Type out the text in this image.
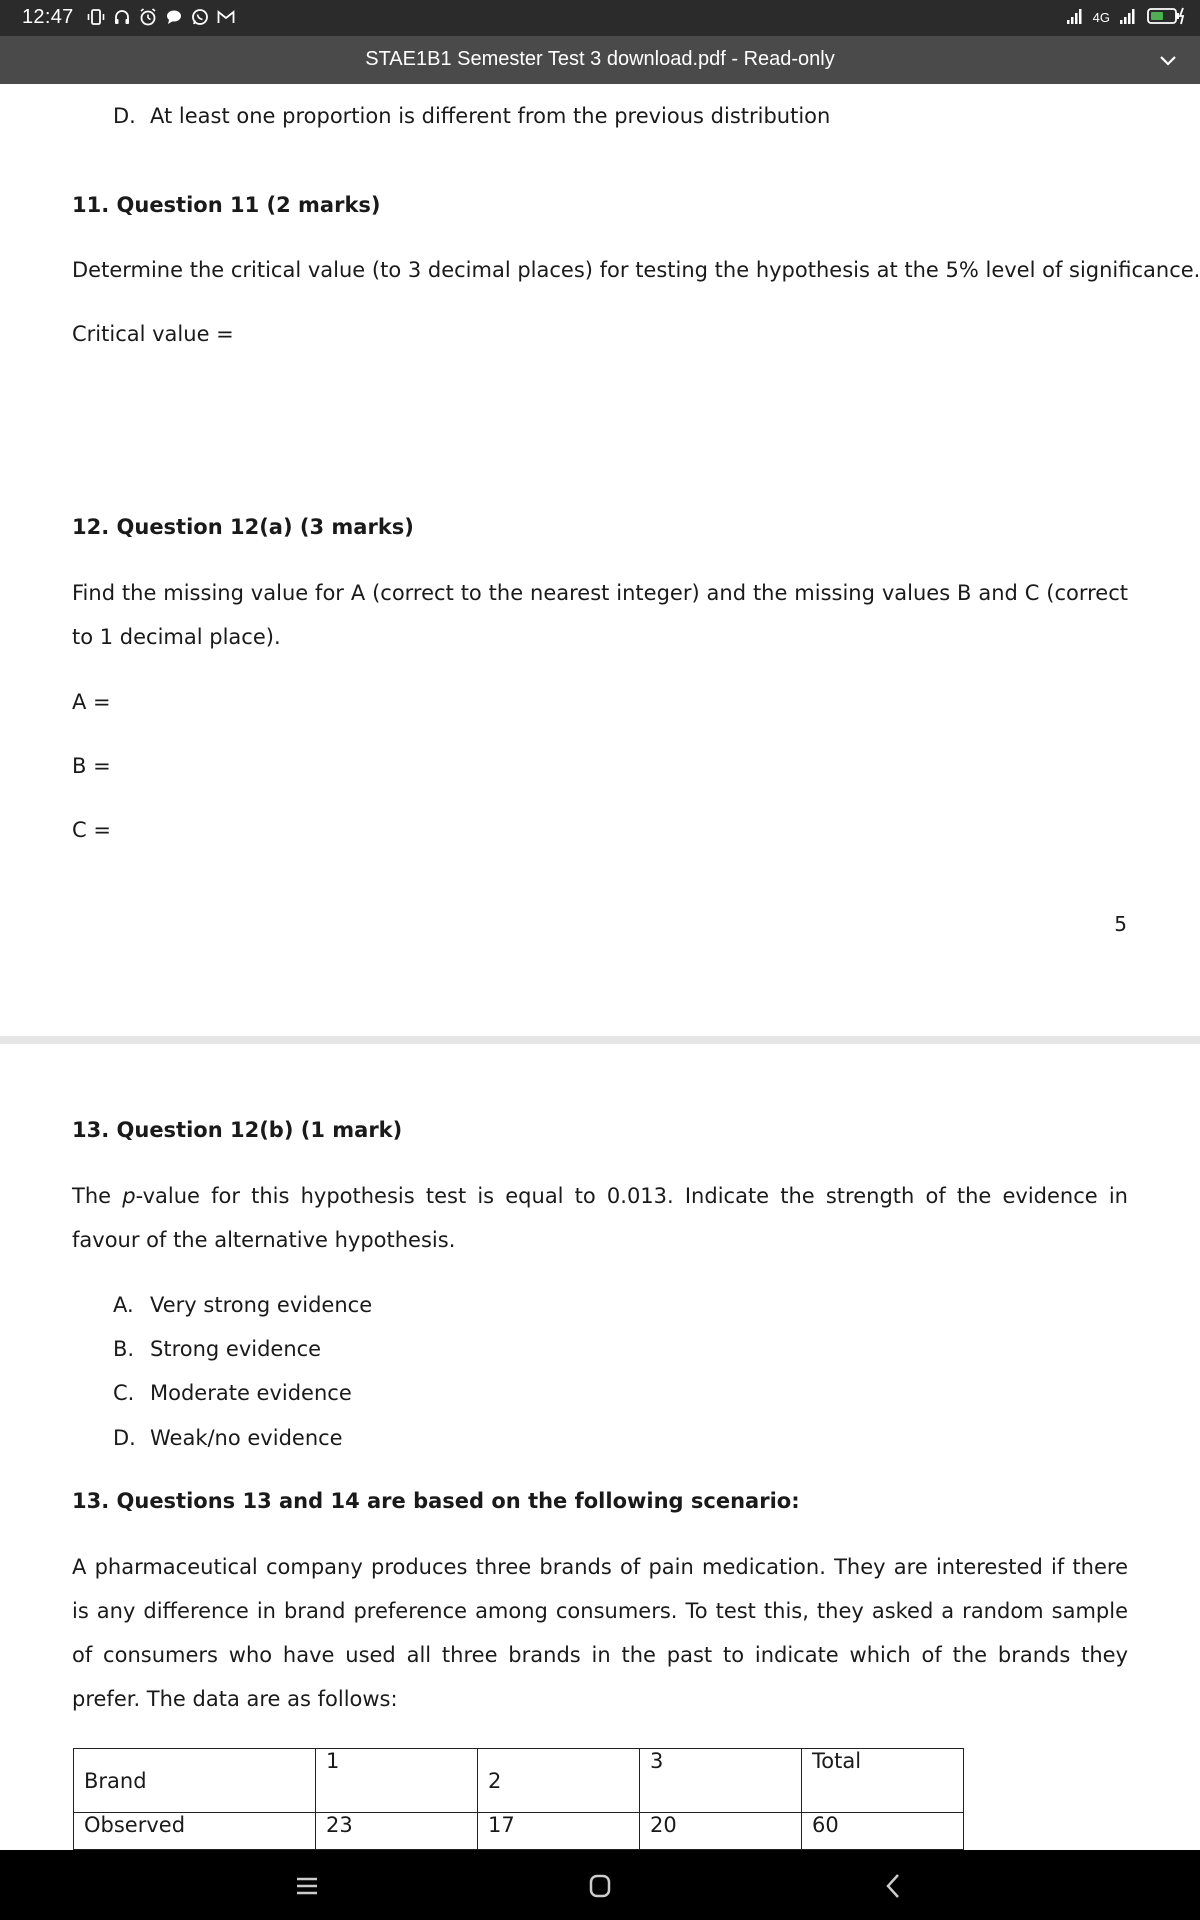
12:47	4G
STAE1B1 Semester Test 3 download.pdf - Read-only
D. At least one proportion is different from the previous distribution
11. Question 11 (2 marks)
Determine the critical value (to 3 decimal places) for testing the hypothesis at the 5% level of significance.
Critical value =
12. Question 12(a) (3 marks)
Find the missing value for A (correct to the nearest integer) and the missing values B and C (correct to 1 decimal place).
A =
B =
C =
5
13. Question 12(b) (1 mark)
The p-value for this hypothesis test is equal to 0.013. Indicate the strength of the evidence in favour of the alternative hypothesis.
A. Very strong evidence
B. Strong evidence
C. Moderate evidence
D. Weak/no evidence
13. Questions 13 and 14 are based on the following scenario:
A pharmaceutical company produces three brands of pain medication. They are interested if there is any difference in brand preference among consumers. To test this, they asked a random sample of consumers who have used all three brands in the past to indicate which of the brands they prefer. The data are as follows:
Brand	1	2	3	Total
Observed	23	17	20	60
